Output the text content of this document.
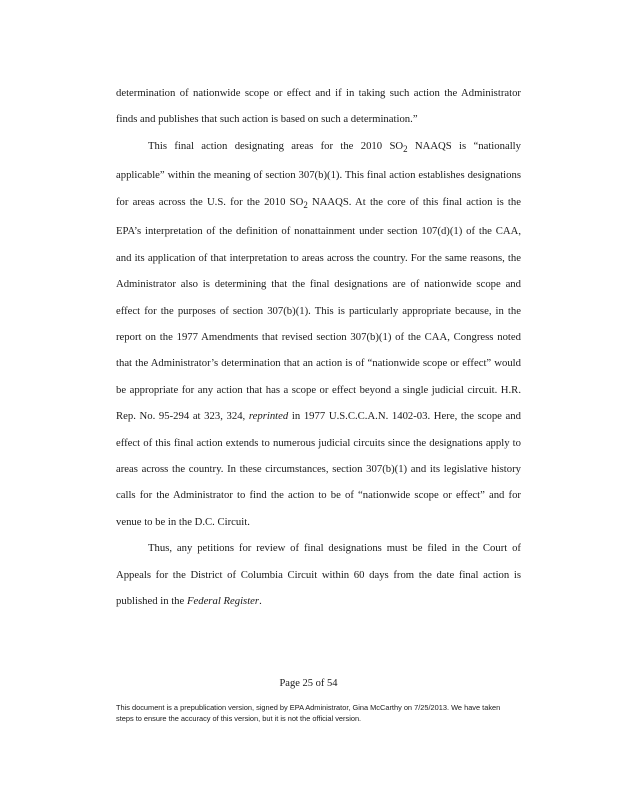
determination of nationwide scope or effect and if in taking such action the Administrator finds and publishes that such action is based on such a determination.”

This final action designating areas for the 2010 $SO_2$ NAAQS is “nationally applicable” within the meaning of section 307(b)(1). This final action establishes designations for areas across the U.S. for the 2010 $SO_2$ NAAQS. At the core of this final action is the EPA’s interpretation of the definition of nonattainment under section 107(d)(1) of the CAA, and its application of that interpretation to areas across the country. For the same reasons, the Administrator also is determining that the final designations are of nationwide scope and effect for the purposes of section 307(b)(1). This is particularly appropriate because, in the report on the 1977 Amendments that revised section 307(b)(1) of the CAA, Congress noted that the Administrator’s determination that an action is of “nationwide scope or effect” would be appropriate for any action that has a scope or effect beyond a single judicial circuit. H.R. Rep. No. 95-294 at 323, 324, reprinted in 1977 U.S.C.C.A.N. 1402-03. Here, the scope and effect of this final action extends to numerous judicial circuits since the designations apply to areas across the country. In these circumstances, section 307(b)(1) and its legislative history calls for the Administrator to find the action to be of “nationwide scope or effect” and for venue to be in the D.C. Circuit.

Thus, any petitions for review of final designations must be filed in the Court of Appeals for the District of Columbia Circuit within 60 days from the date final action is published in the Federal Register.

Page 25 of 54
This document is a prepublication version, signed by EPA Administrator, Gina McCarthy on 7/25/2013. We have taken steps to ensure the accuracy of this version, but it is not the official version.
